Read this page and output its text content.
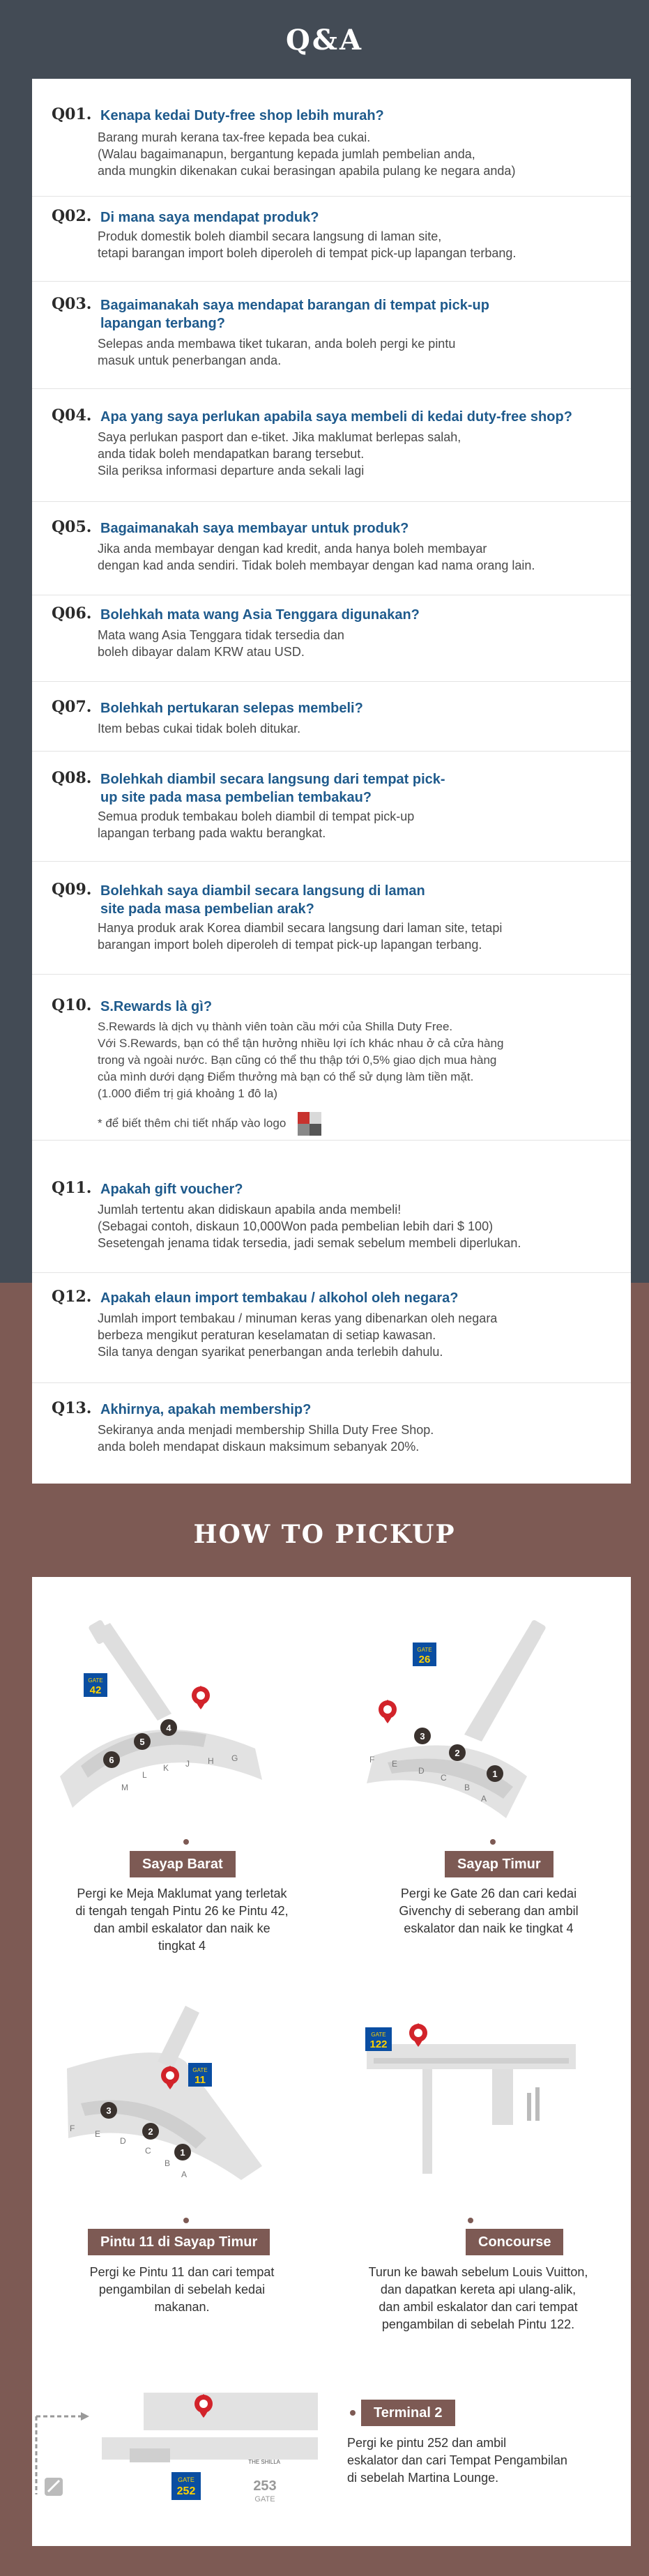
Q&A
Q01. Kenapa kedai Duty-free shop lebih murah?
Barang murah kerana tax-free kepada bea cukai.
(Walau bagaimanapun, bergantung kepada jumlah pembelian anda,
anda mungkin dikenakan cukai berasingan apabila pulang ke negara anda)
Q02. Di mana saya mendapat produk?
Produk domestik boleh diambil secara langsung di laman site,
tetapi barangan import boleh diperoleh di tempat pick-up lapangan terbang.
Q03. Bagaimanakah saya mendapat barangan di tempat pick-up lapangan terbang?
Selepas anda membawa tiket tukaran, anda boleh pergi ke pintu
masuk untuk penerbangan anda.
Q04. Apa yang saya perlukan apabila saya membeli di kedai duty-free shop?
Saya perlukan pasport dan e-tiket. Jika maklumat berlepas salah,
anda tidak boleh mendapatkan barang tersebut.
Sila periksa informasi departure anda sekali lagi
Q05. Bagaimanakah saya membayar untuk produk?
Jika anda membayar dengan kad kredit, anda hanya boleh membayar
dengan kad anda sendiri. Tidak boleh membayar dengan kad nama orang lain.
Q06. Bolehkah mata wang Asia Tenggara digunakan?
Mata wang Asia Tenggara tidak tersedia dan
boleh dibayar dalam KRW atau USD.
Q07. Bolehkah pertukaran selepas membeli?
Item bebas cukai tidak boleh ditukar.
Q08. Bolehkah diambil secara langsung dari tempat pick-up site pada masa pembelian tembakau?
Semua produk tembakau boleh diambil di tempat pick-up
lapangan terbang pada waktu berangkat.
Q09. Bolehkah saya diambil secara langsung di laman site pada masa pembelian arak?
Hanya produk arak Korea diambil secara langsung dari laman site, tetapi
barangan import boleh diperoleh di tempat pick-up lapangan terbang.
Q10. S.Rewards là gì?
S.Rewards là dịch vụ thành viên toàn cầu mới của Shilla Duty Free.
Với S.Rewards, bạn có thể tận hưởng nhiều lợi ích khác nhau ở cả cửa hàng
trong và ngoài nước. Bạn cũng có thể thu thập tới 0,5% giao dịch mua hàng
của mình dưới dạng Điểm thưởng mà bạn có thể sử dụng làm tiền mặt.
(1.000 điểm trị giá khoảng 1 đô la)
* để biết thêm chi tiết nhấp vào logo
Q11. Apakah gift voucher?
Jumlah tertentu akan didiskaun apabila anda membeli!
(Sebagai contoh, diskaun 10,000Won pada pembelian lebih dari $ 100)
Sesetengah jenama tidak tersedia, jadi semak sebelum membeli diperlukan.
Q12. Apakah elaun import tembakau / alkohol oleh negara?
Jumlah import tembakau / minuman keras yang dibenarkan oleh negara
berbeza mengikut peraturan keselamatan di setiap kawasan.
Sila tanya dengan syarikat penerbangan anda terlebih dahulu.
Q13. Akhirnya, apakah membership?
Sekiranya anda menjadi membership Shilla Duty Free Shop.
anda boleh mendapat diskaun maksimum sebanyak 20%.
HOW TO PICKUP
GATE
42
4
5
6
M
L
K J H G
Sayap Barat
Pergi ke Meja Maklumat yang terletak
di tengah tengah Pintu 26 ke Pintu 42,
dan ambil eskalator dan naik ke
tingkat 4
GATE
26
3
2
1
F E
D
C
B
A
Sayap Timur
Pergi ke Gate 26 dan cari kedai
Givenchy di seberang dan ambil
eskalator dan naik ke tingkat 4
GATE
11
3
2
1
F
E
D
C
B
A
Pintu 11 di Sayap Timur
Pergi ke Pintu 11 dan cari tempat
pengambilan di sebelah kedai
makanan.
GATE
122
Concourse
Turun ke bawah sebelum Louis Vuitton,
dan dapatkan kereta api ulang-alik,
dan ambil eskalator dan cari tempat
pengambilan di sebelah Pintu 122.
GATE
252	253
GATE
THE SHILLA
Terminal 2
Pergi ke pintu 252 dan ambil
eskalator dan cari Tempat Pengambilan
di sebelah Martina Lounge.
